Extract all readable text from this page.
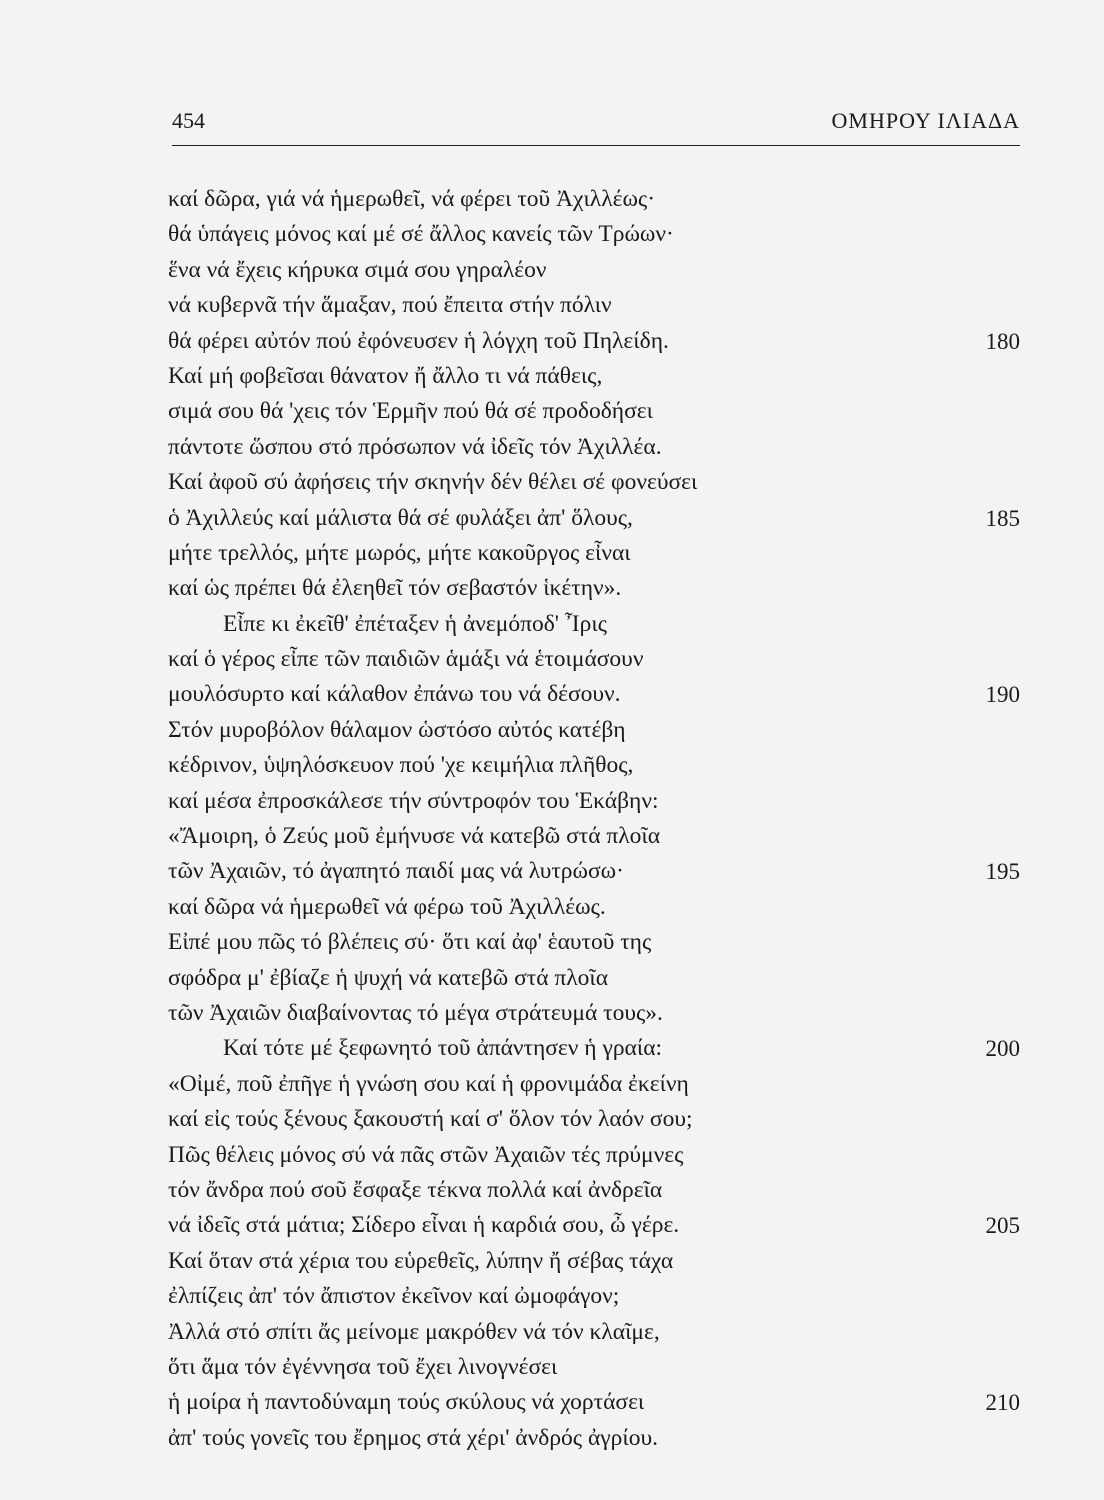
454	ΟΜΗΡΟΥ ΙΛΙΑΔΑ
καί δῶρα, γιά νά ἡμερωθεῖ, νά φέρει τοῦ Ἀχιλλέως·
θά ὑπάγεις μόνος καί μέ σέ ἄλλος κανείς τῶν Τρώων·
ἕνα νά ἔχεις κήρυκα σιμά σου γηραλέον
νά κυβερνᾶ τήν ἅμαξαν, πού ἔπειτα στήν πόλιν
θά φέρει αὐτόν πού ἐφόνευσεν ἡ λόγχη τοῦ Πηλείδη.	180
Καί μή φοβεῖσαι θάνατον ἤ ἄλλο τι νά πάθεις,
σιμά σου θά 'χεις τόν Ἑρμῆν πού θά σέ προδοδήσει
πάντοτε ὥσπου στό πρόσωπον νά ἰδεῖς τόν Ἀχιλλέα.
Καί ἀφοῦ σύ ἀφήσεις τήν σκηνήν δέν θέλει σέ φονεύσει
ὁ Ἀχιλλεύς καί μάλιστα θά σέ φυλάξει ἀπ' ὅλους,	185
μήτε τρελλός, μήτε μωρός, μήτε κακοῦργος εἶναι
καί ὡς πρέπει θά ἐλεηθεῖ τόν σεβαστόν ἱκέτην».
Εἶπε κι ἐκεῖθ' ἐπέταξεν ἡ ἀνεμόποδ' Ἶρις
καί ὁ γέρος εἶπε τῶν παιδιῶν ἁμάξι νά ἑτοιμάσουν
μουλόσυρτο καί κάλαθον ἐπάνω του νά δέσουν.	190
Στόν μυροβόλον θάλαμον ὡστόσο αὐτός κατέβη
κέδρινον, ὑψηλόσκευον πού 'χε κειμήλια πλῆθος,
καί μέσα ἐπροσκάλεσε τήν σύντροφόν του Ἑκάβην:
«Ἄμοιρη, ὁ Ζεύς μοῦ ἐμήνυσε νά κατεβῶ στά πλοῖα
τῶν Ἀχαιῶν, τό ἀγαπητό παιδί μας νά λυτρώσω·	195
καί δῶρα νά ἡμερωθεῖ νά φέρω τοῦ Ἀχιλλέως.
Εἰπέ μου πῶς τό βλέπεις σύ· ὅτι καί ἀφ' ἑαυτοῦ της
σφόδρα μ' ἐβίαζε ἡ ψυχή νά κατεβῶ στά πλοῖα
τῶν Ἀχαιῶν διαβαίνοντας τό μέγα στράτευμά τους».
Καί τότε μέ ξεφωνητό τοῦ ἀπάντησεν ἡ γραία:	200
«Οἰμέ, ποῦ ἐπῆγε ἡ γνώση σου καί ἡ φρονιμάδα ἐκείνη
καί εἰς τούς ξένους ξακουστή καί σ' ὅλον τόν λαόν σου;
Πῶς θέλεις μόνος σύ νά πᾶς στῶν Ἀχαιῶν τές πρύμνες
τόν ἄνδρα πού σοῦ ἔσφαξε τέκνα πολλά καί ἀνδρεῖα
νά ἰδεῖς στά μάτια; Σίδερο εἶναι ἡ καρδιά σου, ὦ γέρε.	205
Καί ὅταν στά χέρια του εὑρεθεῖς, λύπην ἤ σέβας τάχα
ἐλπίζεις ἀπ' τόν ἄπιστον ἐκεῖνον καί ὠμοφάγον;
Ἀλλά στό σπίτι ἄς μείνομε μακρόθεν νά τόν κλαῖμε,
ὅτι ἅμα τόν ἐγέννησα τοῦ ἔχει λινογνέσει
ἡ μοίρα ἡ παντοδύναμη τούς σκύλους νά χορτάσει	210
ἀπ' τούς γονεῖς του ἔρημος στά χέρι' ἀνδρός ἀγρίου.
